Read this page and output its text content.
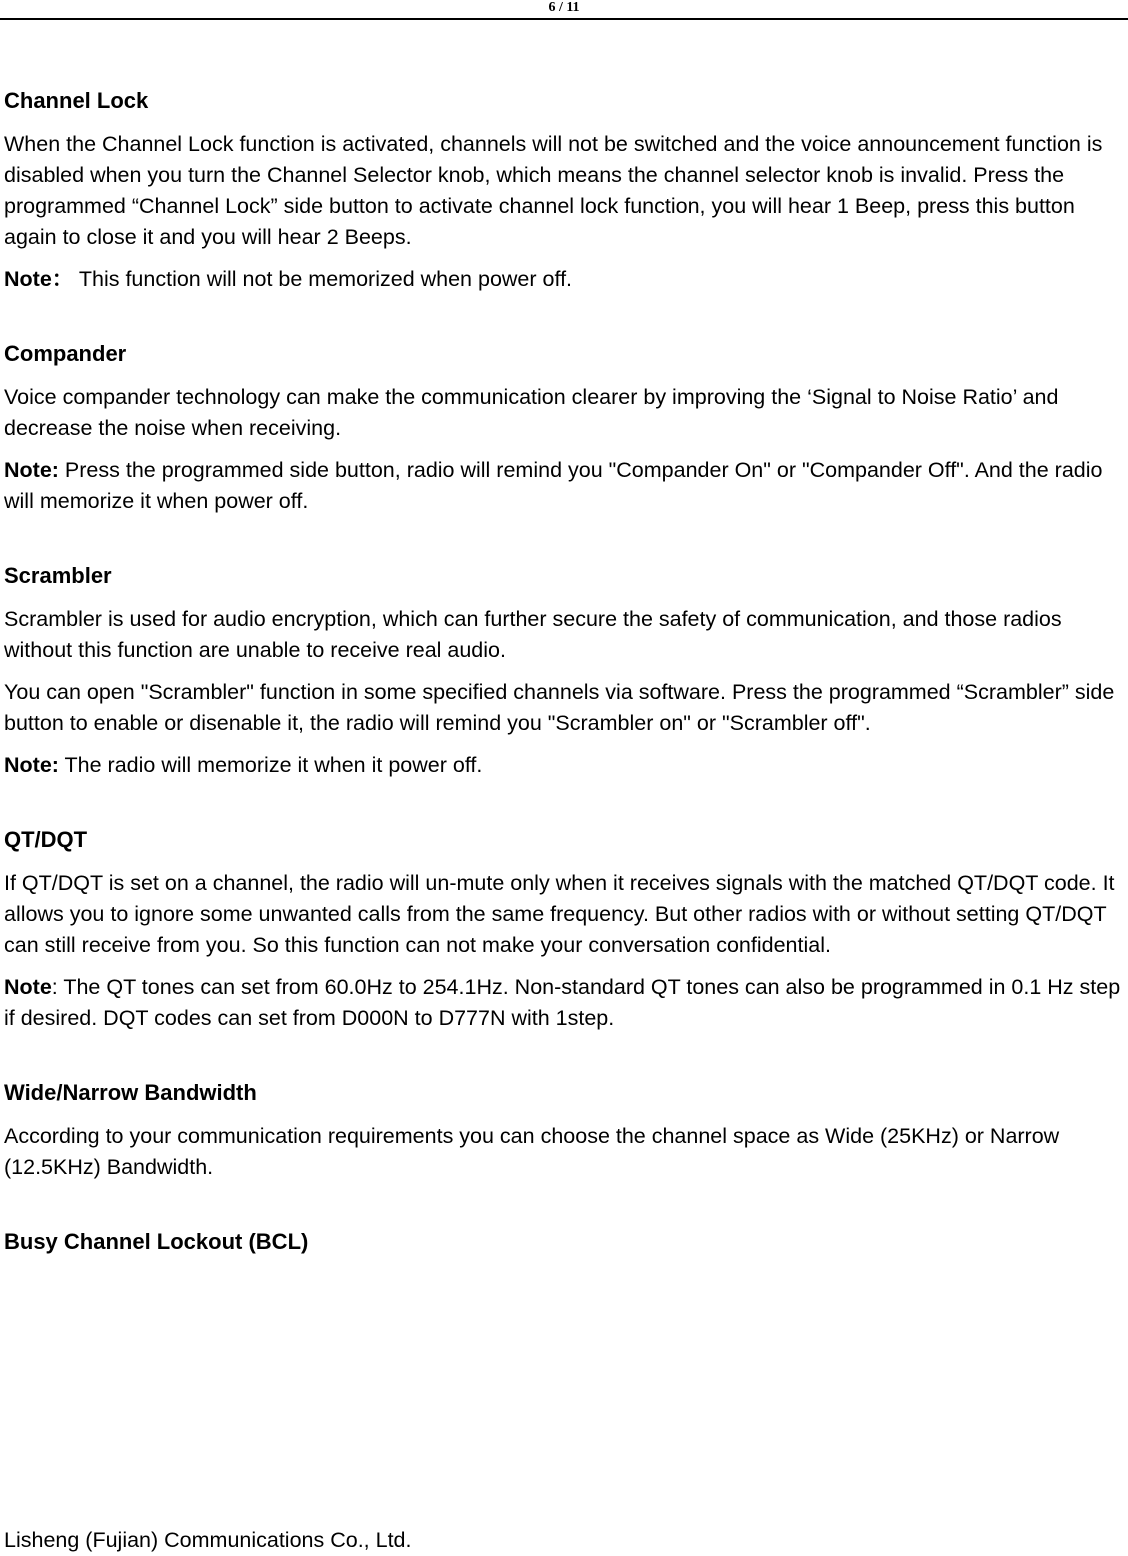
6 / 11
Channel Lock

When the Channel Lock function is activated, channels will not be switched and the voice announcement function is disabled when you turn the Channel Selector knob, which means the channel selector knob is invalid. Press the programmed “Channel Lock” side button to activate channel lock function, you will hear 1 Beep, press this button again to close it and you will hear 2 Beeps.

Note： This function will not be memorized when power off.

Compander

Voice compander technology can make the communication clearer by improving the ‘Signal to Noise Ratio’ and decrease the noise when receiving.

Note: Press the programmed side button, radio will remind you "Compander On" or "Compander Off". And the radio will memorize it when power off.

Scrambler

Scrambler is used for audio encryption, which can further secure the safety of communication, and those radios without this function are unable to receive real audio.

You can open "Scrambler" function in some specified channels via software. Press the programmed “Scrambler” side button to enable or disenable it, the radio will remind you "Scrambler on" or "Scrambler off".

Note: The radio will memorize it when it power off.

QT/DQT

If QT/DQT is set on a channel, the radio will un-mute only when it receives signals with the matched QT/DQT code. It allows you to ignore some unwanted calls from the same frequency. But other radios with or without setting QT/DQT can still receive from you. So this function can not make your conversation confidential.

Note: The QT tones can set from 60.0Hz to 254.1Hz. Non-standard QT tones can also be programmed in 0.1 Hz step if desired. DQT codes can set from D000N to D777N with 1step.

Wide/Narrow Bandwidth

According to your communication requirements you can choose the channel space as Wide (25KHz) or Narrow (12.5KHz) Bandwidth.

Busy Channel Lockout (BCL)
Lisheng (Fujian) Communications Co., Ltd.
